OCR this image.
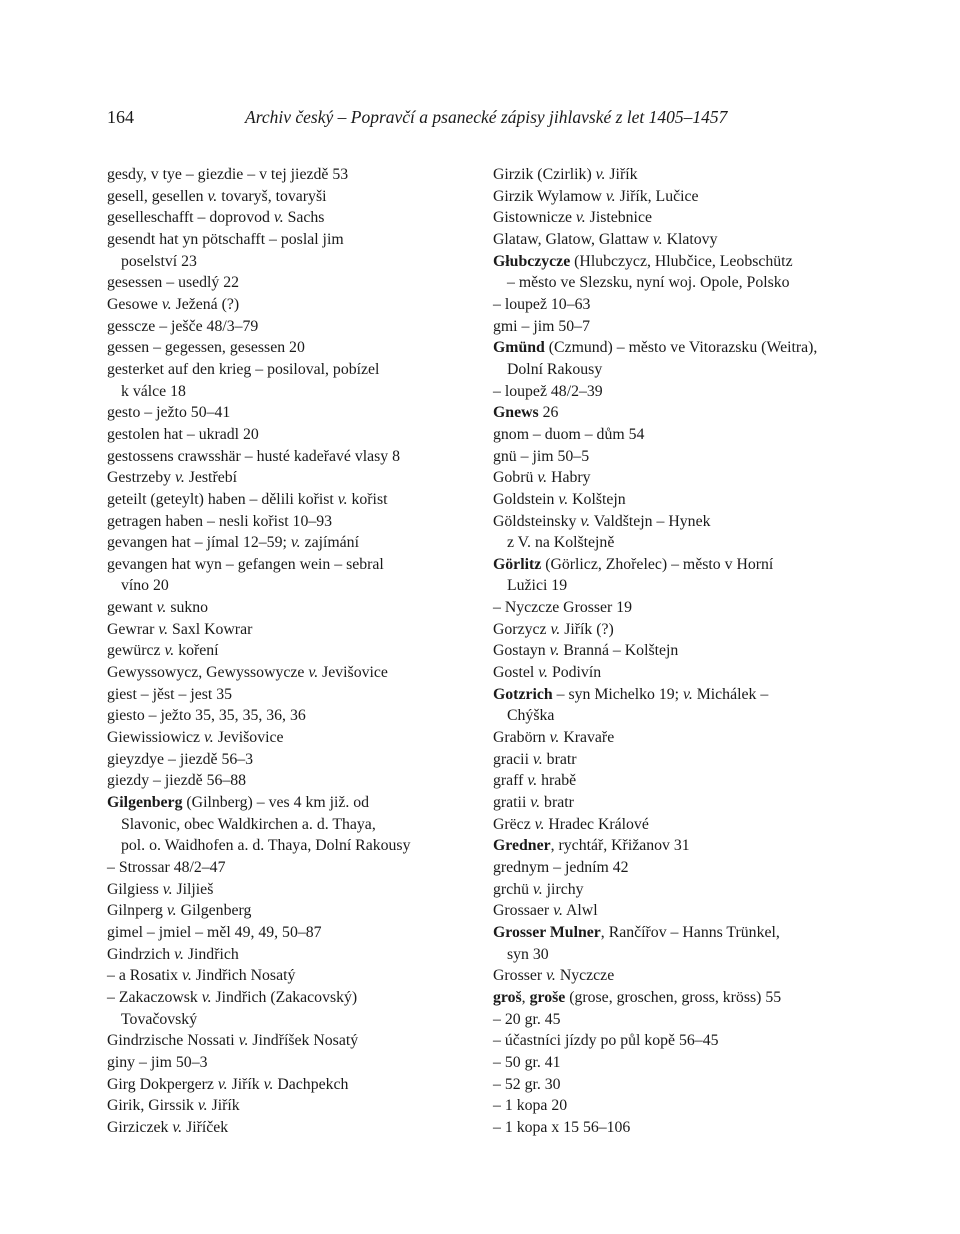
164	Archiv český – Popravčí a psanecké zápisy jihlavské z let 1405–1457
gesdy, v tye – giezdie – v tej jiezdě 53
gesell, gesellen v. tovaryš, tovaryši
geselleschafft – doprovod v. Sachs
gesendt hat yn pötschafft – poslal jim
poselství 23
gesessen – usedlý 22
Gesowe v. Ježená (?)
gesscze – ješče 48/3–79
gessen – gegessen, gesessen 20
gesterket auf den krieg – posiloval, pobízel
k válce 18
gesto – ježto 50–41
gestolen hat – ukradl 20
gestossens crawsshär – husté kadeřavé vlasy 8
Gestrzeby v. Jestřebí
geteilt (geteylt) haben – dělili kořist v. kořist
getragen haben – nesli kořist 10–93
gevangen hat – jímal 12–59; v. zajímání
gevangen hat wyn – gefangen wein – sebral
víno 20
gewant v. sukno
Gewrar v. Saxl Kowrar
gewürcz v. koření
Gewyssowycz, Gewyssowycze v. Jevišovice
giest – jěst – jest 35
giesto – ježto 35, 35, 35, 36, 36
Giewissiowicz v. Jevišovice
gieyzdye – jiezdě 56–3
giezdy – jiezdě 56–88
Gilgenberg (Gilnberg) – ves 4 km již. od
Slavonic, obec Waldkirchen a. d. Thaya,
pol. o. Waidhofen a. d. Thaya, Dolní Rakousy
– Strossar 48/2–47
Gilgiess v. Jiljieš
Gilnperg v. Gilgenberg
gimel – jmiel – měl 49, 49, 50–87
Gindrzich v. Jindřich
– a Rosatix v. Jindřich Nosatý
– Zakaczowsk v. Jindřich (Zakacovský)
Tovačovský
Gindrzische Nossati v. Jindříšek Nosatý
giny – jim 50–3
Girg Dokpergerz v. Jiřík v. Dachpekch
Girik, Girssik v. Jiřík
Girziczek v. Jiříček
Girzik (Czirlik) v. Jiřík
Girzik Wylamow v. Jiřík, Lučice
Gistownicze v. Jistebnice
Glataw, Glatow, Glattaw v. Klatovy
Głubczycze (Hlubczycz, Hlubčice, Leobschütz
– město ve Slezsku, nyní woj. Opole, Polsko
– loupež 10–63
gmi – jim 50–7
Gmünd (Czmund) – město ve Vitorazsku (Weitra),
Dolní Rakousy
– loupež 48/2–39
Gnews 26
gnom – duom – dům 54
gnü – jim 50–5
Gobrü v. Habry
Goldstein v. Kolštejn
Göldsteinsky v. Valdštejn – Hynek
z V. na Kolštejně
Görlitz (Görlicz, Zhořelec) – město v Horní
Lužici 19
– Nyczcze Grosser 19
Gorzycz v. Jiřík (?)
Gostayn v. Branná – Kolštejn
Gostel v. Podivín
Gotzrich – syn Michelko 19; v. Michálek –
Chýška
Grabörn v. Kravaře
gracii v. bratr
graff v. hrabě
gratii v. bratr
Grëcz v. Hradec Králové
Gredner, rychtář, Křižanov 31
grednym – jedním 42
grchü v. jirchy
Grossaer v. Alwl
Grosser Mulner, Rančířov – Hanns Trünkel,
syn 30
Grosser v. Nyczcze
groš, groše (grose, groschen, gross, kröss) 55
– 20 gr. 45
– účastníci jízdy po půl kopě 56–45
– 50 gr. 41
– 52 gr. 30
– 1 kopa 20
– 1 kopa x 15 56–106
